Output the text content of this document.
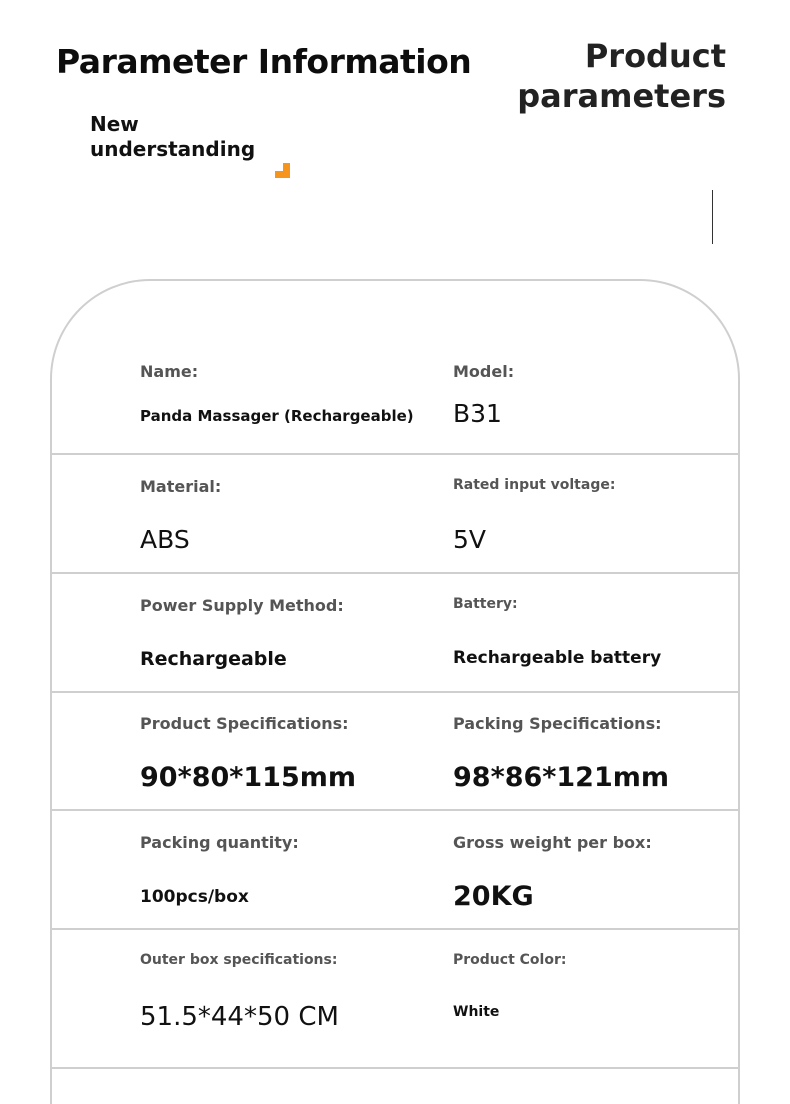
Parameter Information
New understanding
Product parameters
Name:
Panda Massager (Rechargeable)
Model:
B31
Material:
ABS
Rated input voltage:
5V
Power Supply Method:
Rechargeable
Battery:
Rechargeable battery
Product Specifications:
90*80*115mm
Packing Specifications:
98*86*121mm
Packing quantity:
100pcs/box
Gross weight per box:
20KG
Outer box specifications:
51.5*44*50 CM
Product Color:
White
